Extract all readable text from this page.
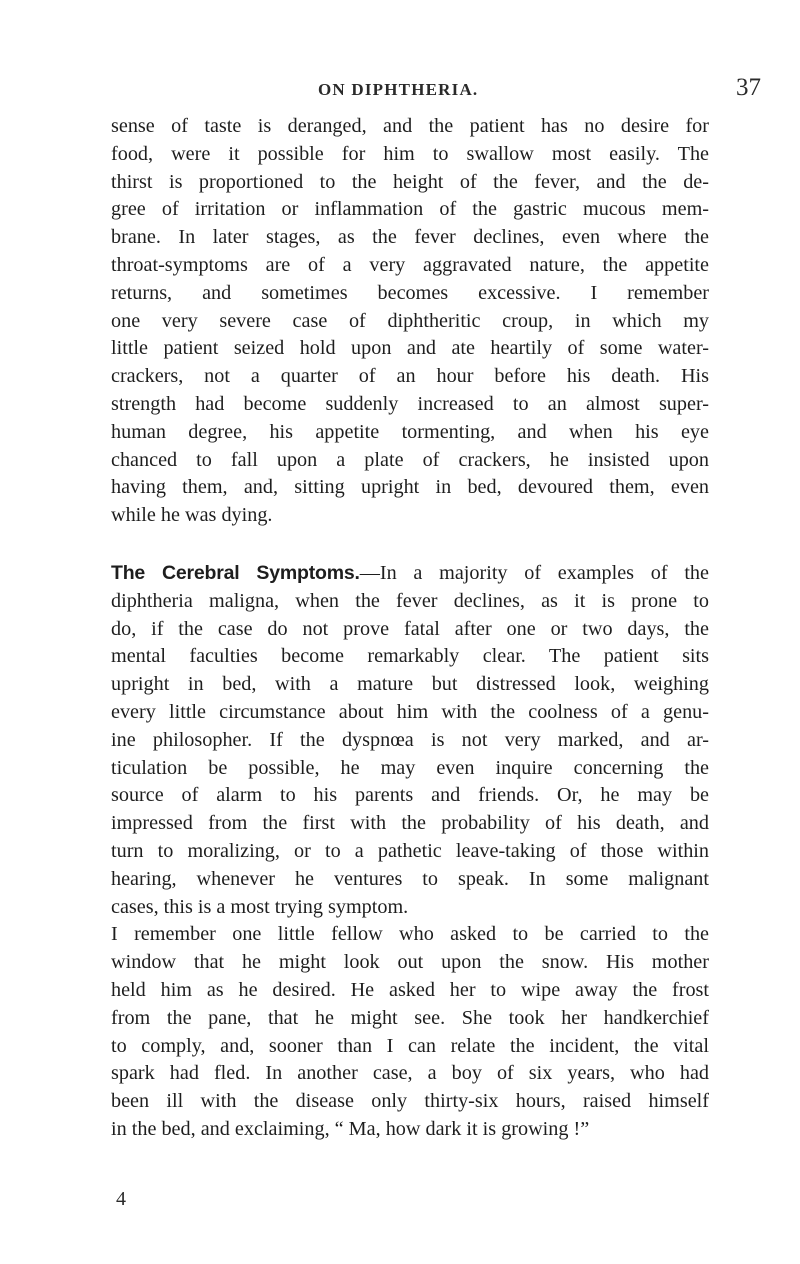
ON DIPHTHERIA.	37
sense of taste is deranged, and the patient has no desire for
food, were it possible for him to swallow most easily. The
thirst is proportioned to the height of the fever, and the de-
gree of irritation or inflammation of the gastric mucous mem-
brane. In later stages, as the fever declines, even where the
throat-symptoms are of a very aggravated nature, the appetite
returns, and sometimes becomes excessive. I remember
one very severe case of diphtheritic croup, in which my
little patient seized hold upon and ate heartily of some water-
crackers, not a quarter of an hour before his death. His
strength had become suddenly increased to an almost super-
human degree, his appetite tormenting, and when his eye
chanced to fall upon a plate of crackers, he insisted upon
having them, and, sitting upright in bed, devoured them, even
while he was dying.
The Cerebral Symptoms.—In a majority of examples of the
diphtheria maligna, when the fever declines, as it is prone to
do, if the case do not prove fatal after one or two days, the
mental faculties become remarkably clear. The patient sits
upright in bed, with a mature but distressed look, weighing
every little circumstance about him with the coolness of a genu-
ine philosopher. If the dyspnœa is not very marked, and ar-
ticulation be possible, he may even inquire concerning the
source of alarm to his parents and friends. Or, he may be
impressed from the first with the probability of his death, and
turn to moralizing, or to a pathetic leave-taking of those within
hearing, whenever he ventures to speak. In some malignant
cases, this is a most trying symptom.
I remember one little fellow who asked to be carried to the
window that he might look out upon the snow. His mother
held him as he desired. He asked her to wipe away the frost
from the pane, that he might see. She took her handkerchief
to comply, and, sooner than I can relate the incident, the vital
spark had fled. In another case, a boy of six years, who had
been ill with the disease only thirty-six hours, raised himself
in the bed, and exclaiming, “ Ma, how dark it is growing !”
4
